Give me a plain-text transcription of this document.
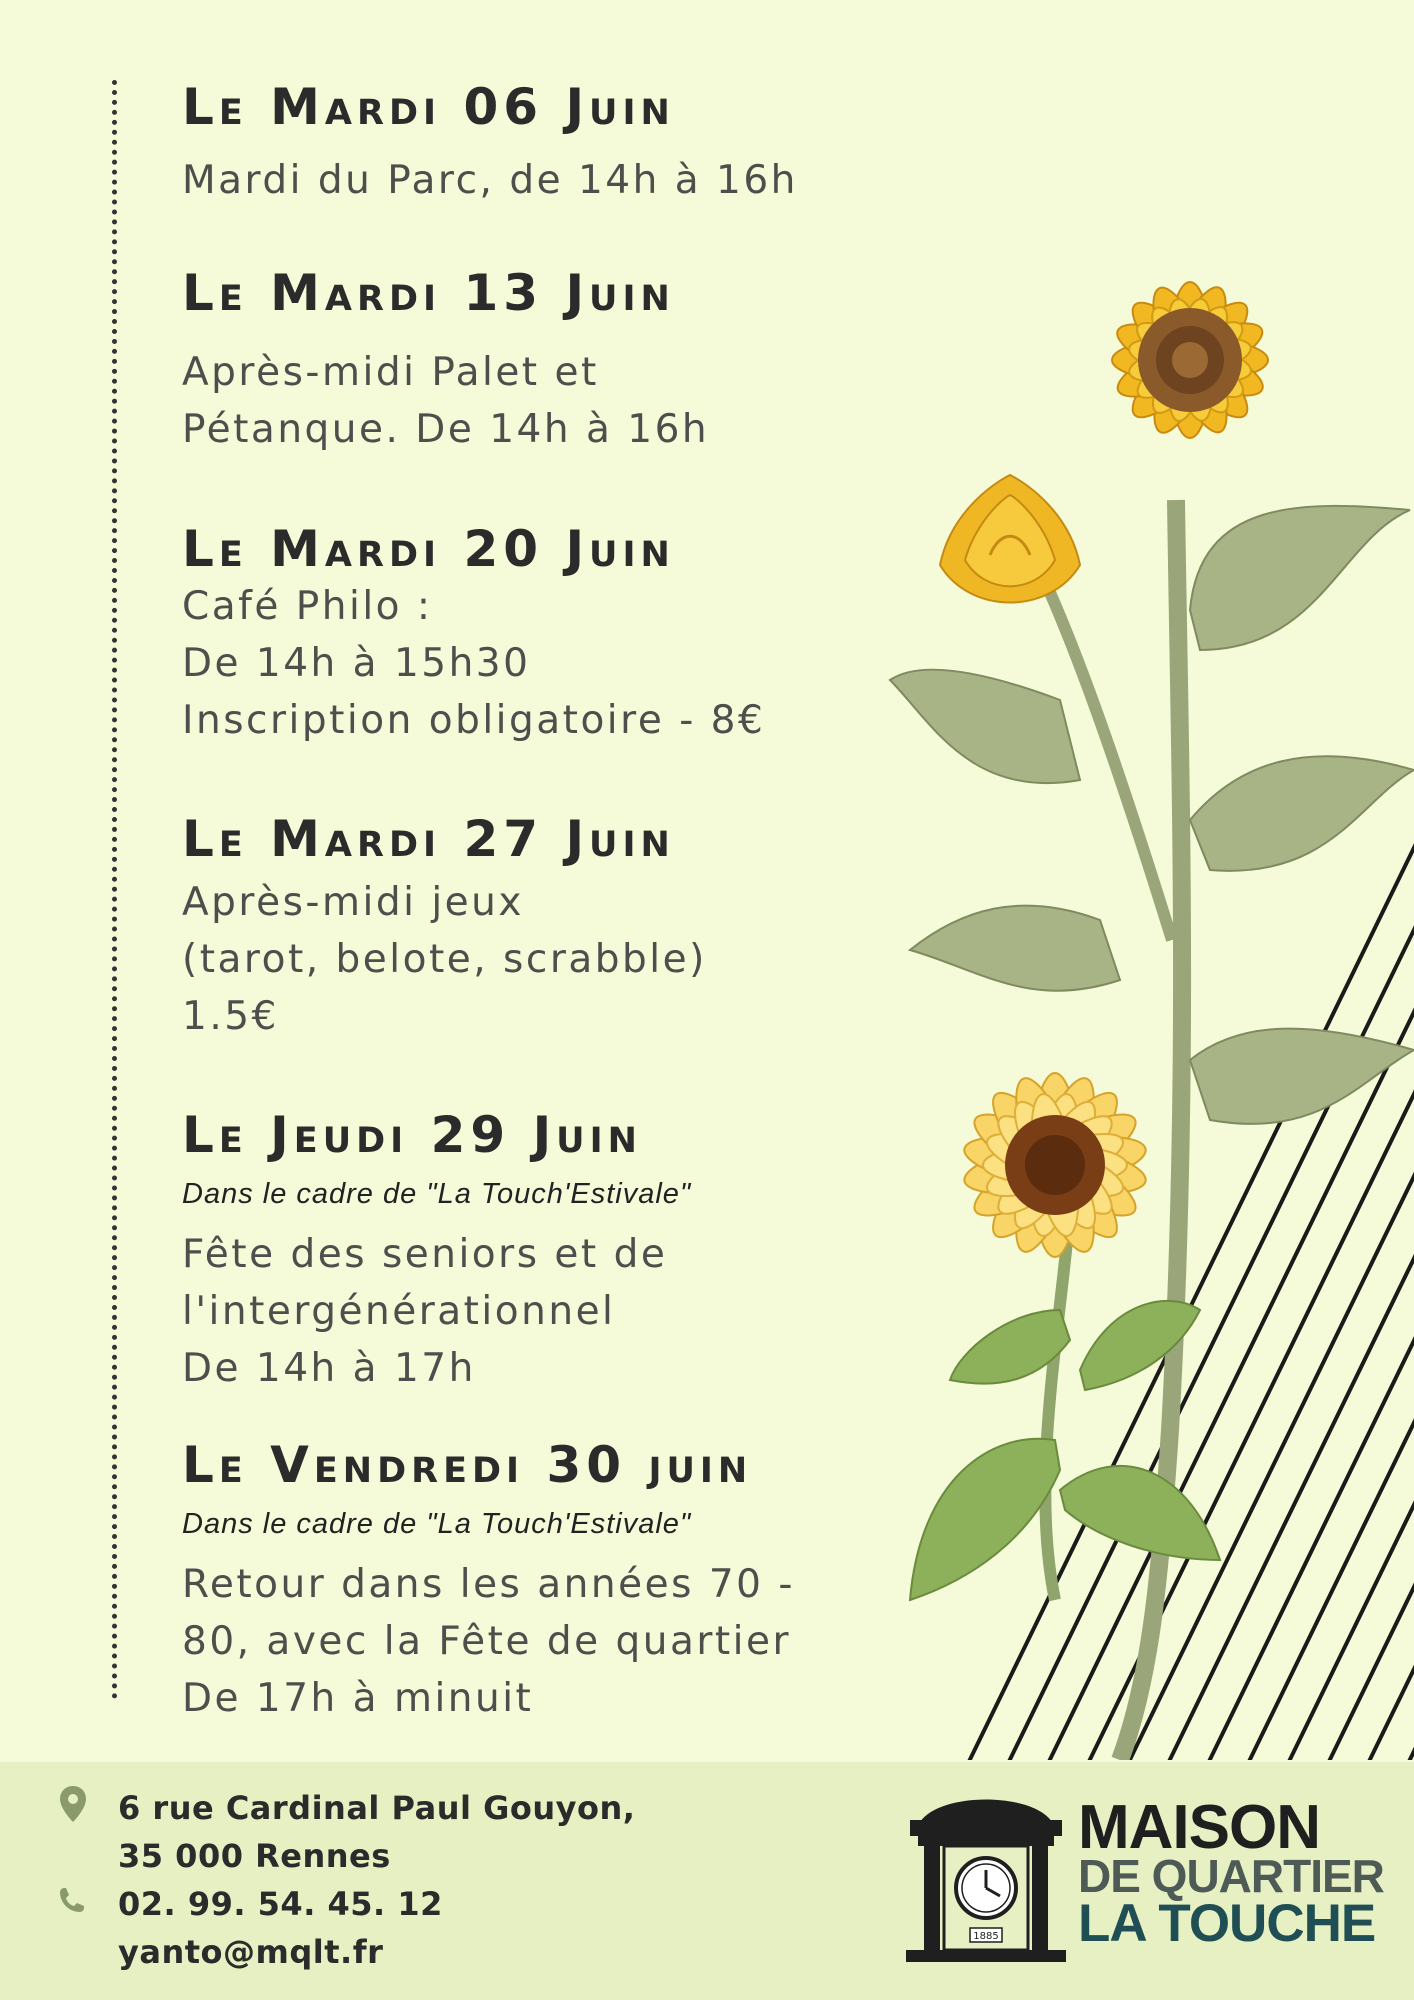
Le Mardi 06 Juin
Mardi du Parc, de 14h à 16h
Le Mardi 13 Juin
Après-midi Palet et
Pétanque. De 14h à 16h
Le Mardi 20 Juin
Café Philo :
De 14h à 15h30
Inscription obligatoire - 8€
Le Mardi 27 Juin
Après-midi jeux
(tarot, belote, scrabble)
1.5€
Le Jeudi 29 Juin
Dans le cadre de "La Touch'Estivale"
Fête des seniors et de
l'intergénérationnel
De 14h à 17h
Le Vendredi 30 juin
Dans le cadre de "La Touch'Estivale"
Retour dans les années 70 -
80, avec la Fête de quartier
De 17h à minuit
6 rue Cardinal Paul Gouyon,
35 000 Rennes
02. 99. 54. 45. 12
yanto@mqlt.fr	1885
MAISON
DE QUARTIER
LA TOUCHE
